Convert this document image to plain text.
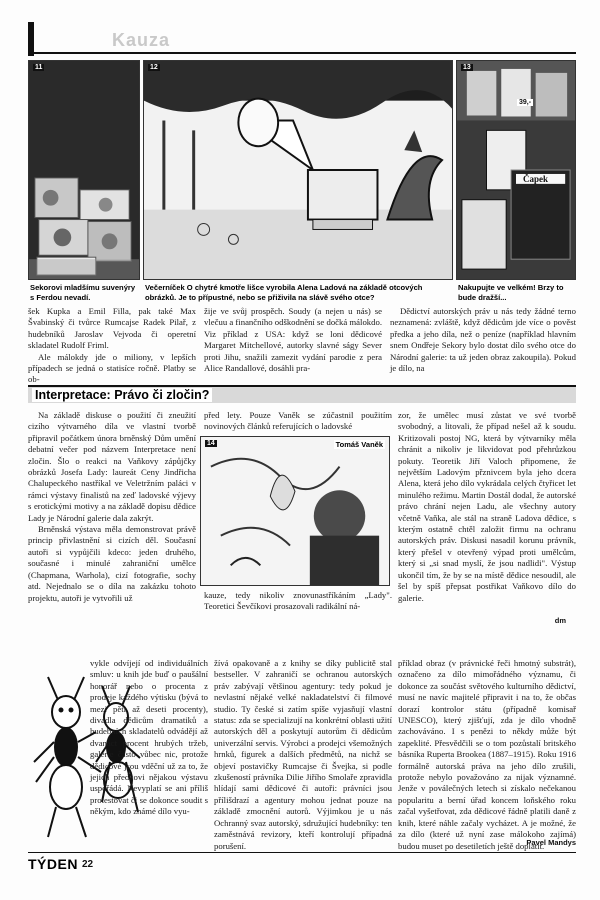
Kauza
11
Sekorovi mladšímu suvenýry s Ferdou nevadí.
12
Večerníček O chytré kmotře lišce vyrobila Alena Ladová na základě otcových obrázků. Je to přípustné, nebo se přiživila na slávě svého otce?
13
39,-
Čapek
Nakupujte ve velkém! Brzy to bude dražší...

šek Kupka a Emil Filla, pak také Max Švabinský či tvůrce Rumcajse Radek Pilař, z hudebníků Jaroslav Vejvoda či operetní skladatel Rudolf Friml.

Ale málokdy jde o miliony, v lepších případech se jedná o statisíce ročně. Platby se ob-

žije ve svůj prospěch. Soudy (a nejen u nás) se vlečuu a finančního odškodnění se dočká málokdo. Viz příklad z USA: když se loni dědicové Margaret Mitchellové, autorky slavné ságy Sever proti Jihu, snažili zamezit vydání parodie z pera Alice Randallové, dosáhli pra-

Dědictví autorských práv u nás tedy žádné terno neznamená: zvláště, když dědicům jde více o pověst předka a jeho díla, než o peníze (například hlavním snem Ondřeje Sekory bylo dostat dílo svého otce do Národní galerie: ta už jeden obraz zakoupila). Pokud je dílo, na

Interpretace: Právo či zločin?

Na základě diskuse o použití či zneužití cizího výtvarného díla ve vlastní tvorbě připravil počátkem února brněnský Dům umění debatní večer pod názvem Interpretace není zločin. Šlo o reakci na Vaňkovy zápůjčky obrázků Josefa Lady: laureát Ceny Jindřicha Chalupeckého nastříkal ve Veletržním paláci v rámci výstavy finalistů na zeď ladovské výjevy s erotickými motivy a na základě dopisu dědice Lady je Národní galerie dala zakrýt.

Brněnská výstava měla demonstrovat právě princip přivlastnění si cizích děl. Současní autoři si vypůjčili kdeco: jeden druhého, současné i minulé zahraniční umělce (Chapmana, Warhola), cizí fotografie, sochy atd. Nejednalo se o díla na zakázku tohoto projektu, autoři je vytvořili už

před lety. Pouze Vaněk se zúčastnil použitím novinových článků referujících o ladovské

14	Tomáš Vaněk

kauze, tedy nikoliv znovunastříkáním „Lady". Teoretici Ševčíkovi prosazovali radikální ná-

zor, že umělec musí zůstat ve své tvorbě svobodný, a litovali, že případ nešel až k soudu. Kritizovali postoj NG, která by výtvarníky měla chránit a nikoliv je likvidovat pod přehrůzkou pokuty. Teoretik Jiří Valoch připomene, že největším Ladovým přznivcem byla jeho dcera Alena, která jeho dílo vykrádala celých čtyřicet let minulého režimu. Martin Dostál dodal, že autorské právo chrání nejen Ladu, ale všechny autory včetně Vaňka, ale stál na straně Ladova dědice, s kterým ostatně chtěl založit firmu na ochranu autorských práv. Diskusi nasadil korunu právník, který přešel v otevřený výpad proti umělcům, který si „si snad myslí, že jsou nadlidi". Výstup ukončil tím, že by se na místě dědice nesoudil, ale šel by spíš přepsat postřikat Vaňkovo dílo do galerie.

dm

vykle odvíjejí od individuálních smluv: u knih jde buď o paušální honorář nebo o procenta z prodeje každého výtisku (bývá to mezi pěti až deseti procenty), divadla dědicům dramatiků a hudebních skladatelů odvádějí až dvanáct procent hrubých tržeb, galerie často vůbec nic, protože dědicové jsou vděční už za to, že jejich předkovi nějakou výstavu uspořádá. Nevyplatí se ani příliš protestovat či se dokonce soudit s někým, kdo známé dílo vyu-

žívá opakovaně a z knihy se díky publicitě stal bestseller. V zahraničí se ochranou autorských práv zabývají většinou agentury: tedy pokud je nevlastní nějaké velké nakladatelství či filmové studio. Ty české si zatím spíše vyjasňují vlastní status: zda se specializují na konkrétní oblasti užití autorských děl a poskytují autorům či dědicům univerzální servis. Výrobci a prodejci všemožných hrnků, figurek a dalších předmětů, na nichž se objeví postavičky Rumcajse či Švejka, si podle zkušeností právníka Dilie Jiřího Smolaře zpravidla hlídají sami dědicové či autoři: právníci jsou přílišdrazí a agentury mohou jednat pouze na základě zmocnění autorů. Výjimkou je u nás Ochranný svaz autorský, sdružující hudebníky: ten zaměstnává revizory, kteří kontrolují případná porušení.

příklad obraz (v právnické řeči hmotný substrát), označeno za dílo mimořádného významu, či dokonce za součást světového kulturního dědictví, musí ne navíc majitelé připravit i na to, že občas dorazí kontrolor státu (případně komisař UNESCO), který zjišťují, zda je dílo vhodně zachováváno. I s penězi to někdy může být zapeklité. Přesvědčili se o tom pozůstalí britského básníka Ruperta Brookea (1887–1915). Roku 1916 formálně autorská práva na jeho dílo zrušili, protože nebylo považováno za nijak významné. Jenže v poválečných letech si získalo nečekanou popularitu a berní úřad koncem loňského roku začal vyšetřovat, zda dědicové řádně platili daně z knih, které náhle začaly vycházet. A je možné, že za dílo (které už nyní zase málokoho zajímá) budou muset po desetiletích ještě doplatit.

Pavel Mandys
TÝDEN 22
